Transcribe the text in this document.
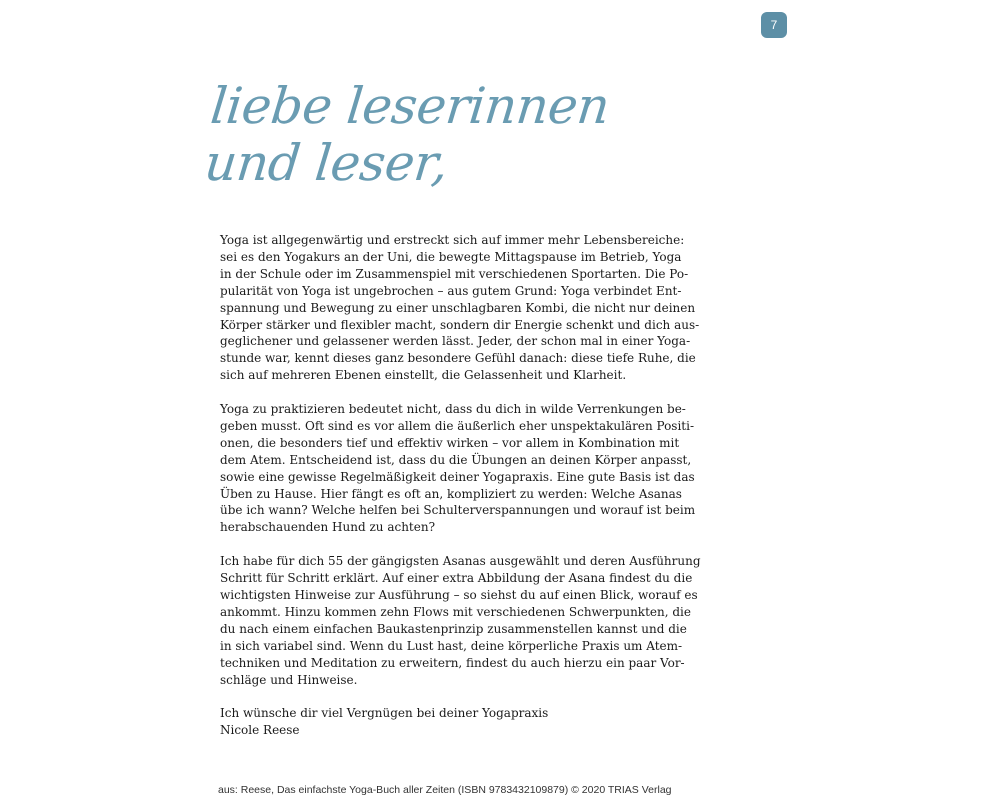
7
liebe leserinnen
und leser,
Yoga ist allgegenwärtig und erstreckt sich auf immer mehr Lebensbereiche:
sei es den Yogakurs an der Uni, die bewegte Mittagspause im Betrieb, Yoga
in der Schule oder im Zusammenspiel mit verschiedenen Sportarten. Die Po-
pularität von Yoga ist ungebrochen – aus gutem Grund: Yoga verbindet Ent-
spannung und Bewegung zu einer unschlagbaren Kombi, die nicht nur deinen
Körper stärker und flexibler macht, sondern dir Energie schenkt und dich aus-
geglichener und gelassener werden lässt. Jeder, der schon mal in einer Yoga-
stunde war, kennt dieses ganz besondere Gefühl danach: diese tiefe Ruhe, die
sich auf mehreren Ebenen einstellt, die Gelassenheit und Klarheit.
Yoga zu praktizieren bedeutet nicht, dass du dich in wilde Verrenkungen be-
geben musst. Oft sind es vor allem die äußerlich eher unspektakulären Positi-
onen, die besonders tief und effektiv wirken – vor allem in Kombination mit
dem Atem. Entscheidend ist, dass du die Übungen an deinen Körper anpasst,
sowie eine gewisse Regelmäßigkeit deiner Yogapraxis. Eine gute Basis ist das
Üben zu Hause. Hier fängt es oft an, kompliziert zu werden: Welche Asanas
übe ich wann? Welche helfen bei Schulterverspannungen und worauf ist beim
herabschauenden Hund zu achten?
Ich habe für dich 55 der gängigsten Asanas ausgewählt und deren Ausführung
Schritt für Schritt erklärt. Auf einer extra Abbildung der Asana findest du die
wichtigsten Hinweise zur Ausführung – so siehst du auf einen Blick, worauf es
ankommt. Hinzu kommen zehn Flows mit verschiedenen Schwerpunkten, die
du nach einem einfachen Baukastenprinzip zusammenstellen kannst und die
in sich variabel sind. Wenn du Lust hast, deine körperliche Praxis um Atem-
techniken und Meditation zu erweitern, findest du auch hierzu ein paar Vor-
schläge und Hinweise.
Ich wünsche dir viel Vergnügen bei deiner Yogapraxis
Nicole Reese
aus: Reese, Das einfachste Yoga-Buch aller Zeiten (ISBN 9783432109879) © 2020 TRIAS Verlag
